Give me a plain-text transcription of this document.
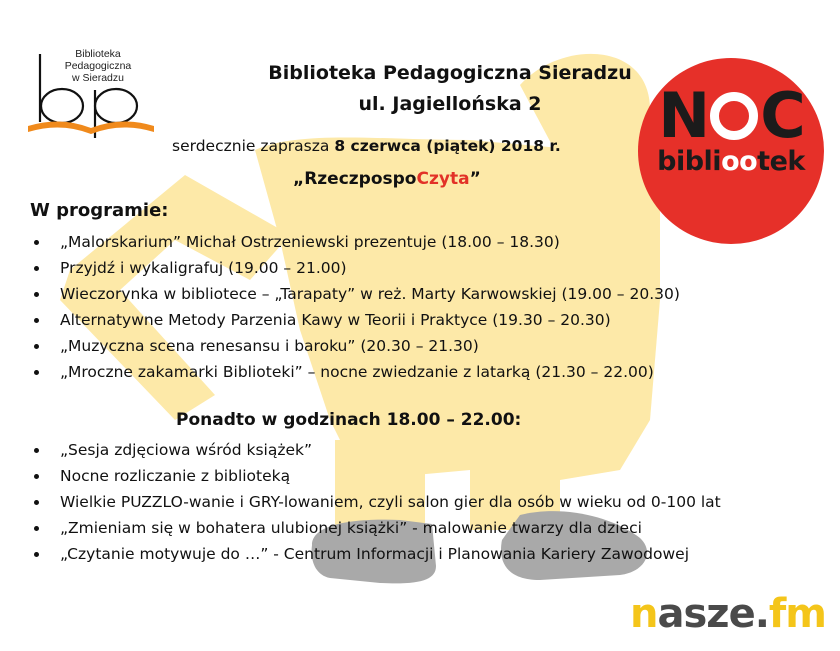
Biblioteka Pedagogiczna
w Sieradzu	Biblioteka Pedagogiczna Sieradzu
ul. Jagiellońska 2
serdecznie zaprasza 8 czerwca (piątek) 2018 r.
„RzeczpospoCzyta”
N C
bibliootek
W programie:
„Malorskarium” Michał Ostrzeniewski prezentuje (18.00 – 18.30)
Przyjdź i wykaligrafuj (19.00 – 21.00)
Wieczorynka w bibliotece – „Tarapaty” w reż. Marty Karwowskiej (19.00 – 20.30)
Alternatywne Metody Parzenia Kawy w Teorii i Praktyce (19.30 – 20.30)
„Muzyczna scena renesansu i baroku” (20.30 – 21.30)
„Mroczne zakamarki Biblioteki” – nocne zwiedzanie z latarką (21.30 – 22.00)
Ponadto w godzinach 18.00 – 22.00:
„Sesja zdjęciowa wśród książek”
Nocne rozliczanie z biblioteką
Wielkie PUZZLO-wanie i GRY-lowaniem, czyli salon gier dla osób w wieku od 0-100 lat
„Zmieniam się w bohatera ulubionej książki” - malowanie twarzy dla dzieci
„Czytanie motywuje do …” - Centrum Informacji i Planowania Kariery Zawodowej
nasze.fm
